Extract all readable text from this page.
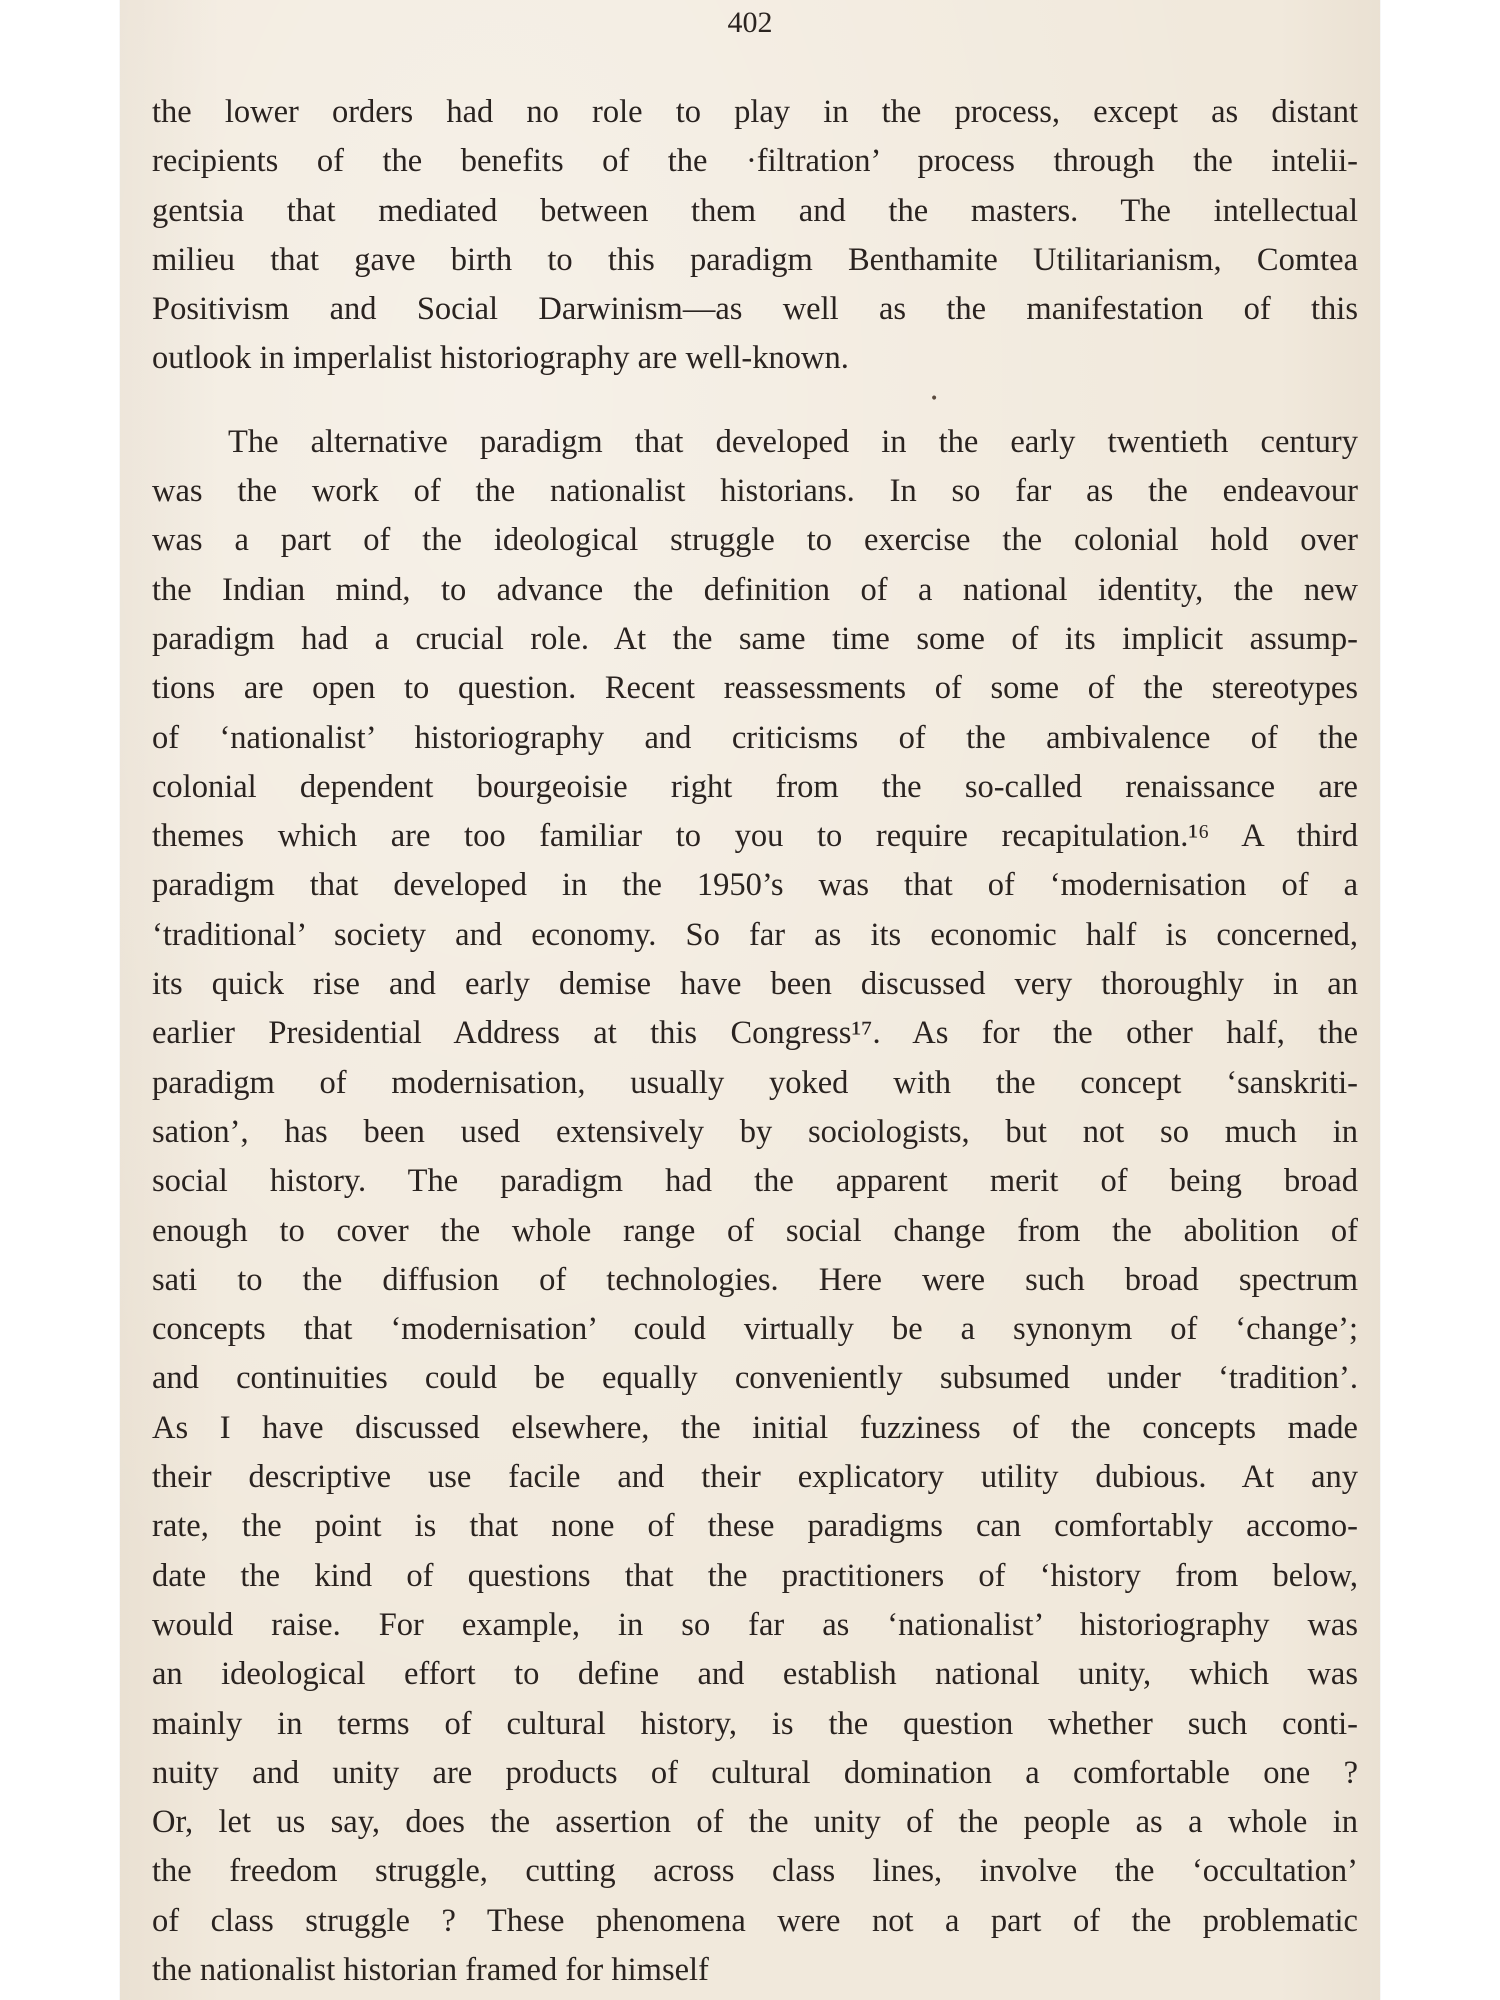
402
•
the lower orders had no role to play in the process, except as distant
recipients of the benefits of the ·filtration’ process through the intelii-
gentsia that mediated between them and the masters. The intellectual
milieu that gave birth to this paradigm Benthamite Utilitarianism, Comtea
Positivism and Social Darwinism—as well as the manifestation of this
outlook in imperlalist historiography are well-known.
The alternative paradigm that developed in the early twentieth century
was the work of the nationalist historians. In so far as the endeavour
was a part of the ideological struggle to exercise the colonial hold over
the Indian mind, to advance the definition of a national identity, the new
paradigm had a crucial role. At the same time some of its implicit assump-
tions are open to question. Recent reassessments of some of the stereotypes
of ‘nationalist’ historiography and criticisms of the ambivalence of the
colonial dependent bourgeoisie right from the so-called renaissance are
themes which are too familiar to you to require recapitulation.¹⁶ A third
paradigm that developed in the 1950’s was that of ‘modernisation of a
‘traditional’ society and economy. So far as its economic half is concerned,
its quick rise and early demise have been discussed very thoroughly in an
earlier Presidential Address at this Congress¹⁷. As for the other half, the
paradigm of modernisation, usually yoked with the concept ‘sanskriti-
sation’, has been used extensively by sociologists, but not so much in
social history. The paradigm had the apparent merit of being broad
enough to cover the whole range of social change from the abolition of
sati to the diffusion of technologies. Here were such broad spectrum
concepts that ‘modernisation’ could virtually be a synonym of ‘change’;
and continuities could be equally conveniently subsumed under ‘tradition’.
As I have discussed elsewhere, the initial fuzziness of the concepts made
their descriptive use facile and their explicatory utility dubious. At any
rate, the point is that none of these paradigms can comfortably accomo-
date the kind of questions that the practitioners of ‘history from below,
would raise. For example, in so far as ‘nationalist’ historiography was
an ideological effort to define and establish national unity, which was
mainly in terms of cultural history, is the question whether such conti-
nuity and unity are products of cultural domination a comfortable one ?
Or, let us say, does the assertion of the unity of the people as a whole in
the freedom struggle, cutting across class lines, involve the ‘occultation’
of class struggle ? These phenomena were not a part of the problematic
the nationalist historian framed for himself
